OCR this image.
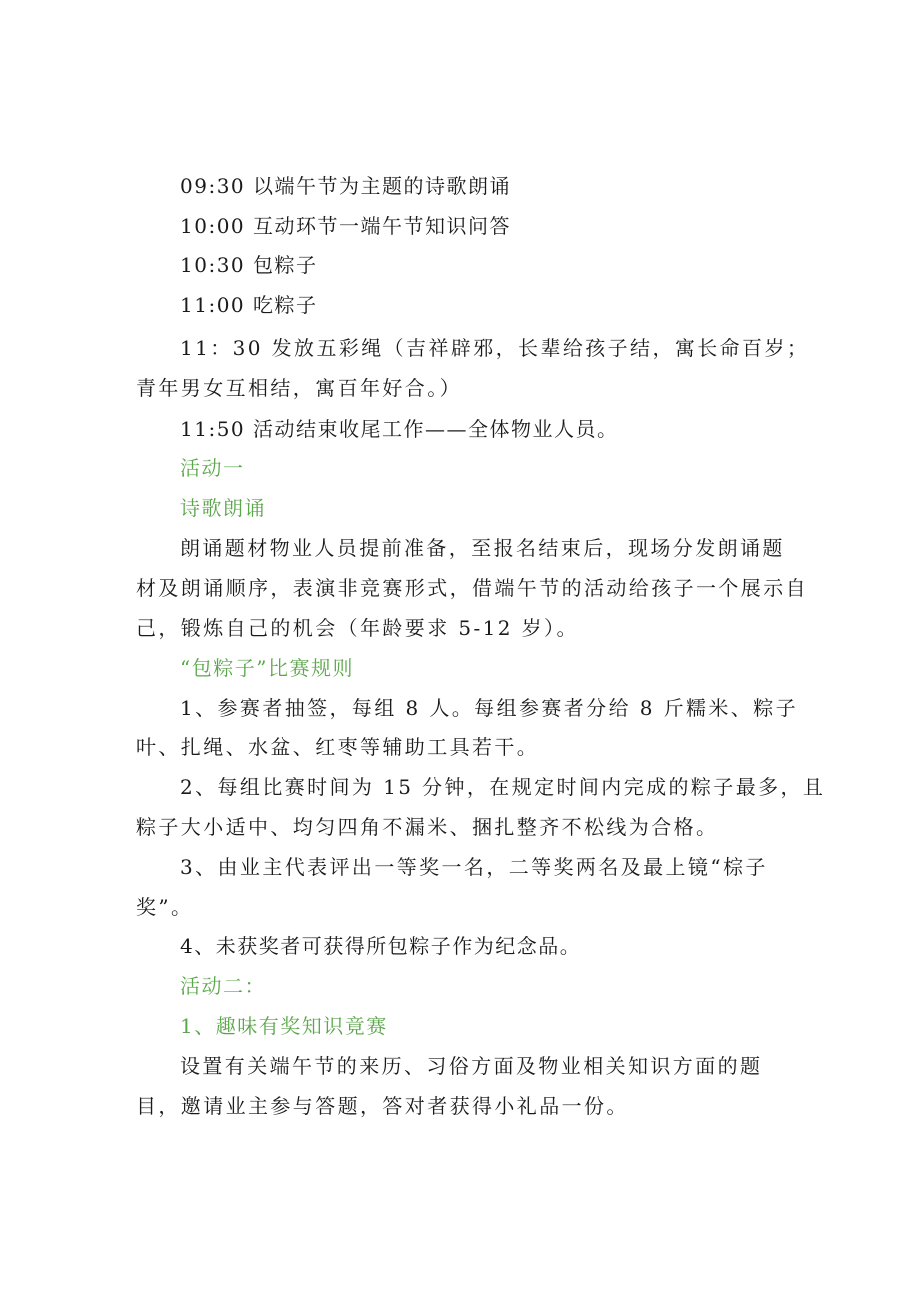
09:30 以端午节为主题的诗歌朗诵
10:00 互动环节一端午节知识问答
10:30 包粽子
11:00 吃粽子
11：30 发放五彩绳（吉祥辟邪，长辈给孩子结，寓长命百岁；
青年男女互相结，寓百年好合。）
11:50 活动结束收尾工作——全体物业人员。
活动一
诗歌朗诵
朗诵题材物业人员提前准备，至报名结束后，现场分发朗诵题
材及朗诵顺序，表演非竞赛形式，借端午节的活动给孩子一个展示自
己，锻炼自己的机会（年龄要求 5-12 岁）。
“包粽子”比赛规则
1、参赛者抽签，每组 8 人。每组参赛者分给 8 斤糯米、粽子
叶、扎绳、水盆、红枣等辅助工具若干。
2、每组比赛时间为 15 分钟，在规定时间内完成的粽子最多，且
粽子大小适中、均匀四角不漏米、捆扎整齐不松线为合格。
3、由业主代表评出一等奖一名，二等奖两名及最上镜“棕子
奖”。
4、未获奖者可获得所包粽子作为纪念品。
活动二：
1、趣味有奖知识竟赛
设置有关端午节的来历、习俗方面及物业相关知识方面的题
目，邀请业主参与答题，答对者获得小礼品一份。
